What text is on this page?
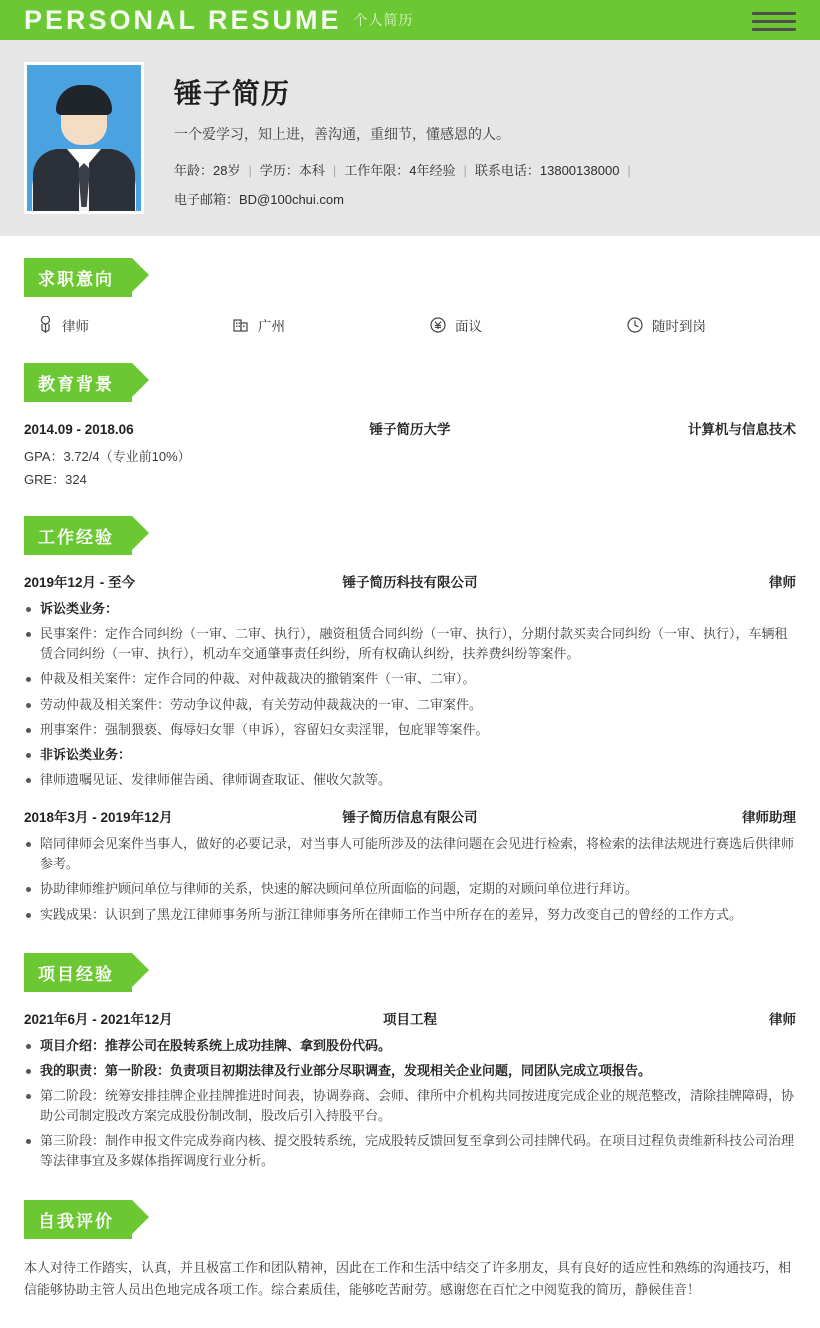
PERSONAL RESUME 个人简历
锤子简历
一个爱学习，知上进，善沟通，重细节，懂感恩的人。
年龄：28岁 | 学历：本科 | 工作年限：4年经验 | 联系电话：13800138000 |
电子邮箱：BD@100chui.com
求职意向
律师	广州	面议	随时到岗
教育背景
2014.09 - 2018.06	锤子简历大学	计算机与信息技术
GPA：3.72/4（专业前10%）
GRE：324
工作经验
2019年12月 - 至今	锤子简历科技有限公司	律师
诉讼类业务：
民事案件：定作合同纠纷（一审、二审、执行），融资租赁合同纠纷（一审、执行），分期付款买卖合同纠纷（一审、执行），车辆租赁合同纠纷（一审、执行），机动车交通肇事责任纠纷，所有权确认纠纷，扶养费纠纷等案件。
仲裁及相关案件：定作合同的仲裁、对仲裁裁决的撤销案件（一审、二审）。
劳动仲裁及相关案件：劳动争议仲裁，有关劳动仲裁裁决的一审、二审案件。
刑事案件：强制猥亵、侮辱妇女罪（申诉），容留妇女卖淫罪，包庇罪等案件。
非诉讼类业务：
律师遗嘱见证、发律师催告函、律师调查取证、催收欠款等。
2018年3月 - 2019年12月	锤子简历信息有限公司	律师助理
陪同律师会见案件当事人，做好的必要记录，对当事人可能所涉及的法律问题在会见进行检索，将检索的法律法规进行赛选后供律师参考。
协助律师维护顾问单位与律师的关系，快速的解决顾问单位所面临的问题，定期的对顾问单位进行拜访。
实践成果：认识到了黑龙江律师事务所与浙江律师事务所在律师工作当中所存在的差异，努力改变自己的曾经的工作方式。
项目经验
2021年6月 - 2021年12月	项目工程	律师
项目介绍：推荐公司在股转系统上成功挂牌、拿到股份代码。
我的职责：第一阶段：负责项目初期法律及行业部分尽职调查，发现相关企业问题，同团队完成立项报告。
第二阶段：统筹安排挂牌企业挂牌推进时间表，协调券商、会师、律所中介机构共同按进度完成企业的规范整改，清除挂牌障碍，协助公司制定股改方案完成股份制改制，股改后引入持股平台。
第三阶段：制作申报文件完成券商内核、提交股转系统，完成股转反馈回复至拿到公司挂牌代码。在项目过程负责维新科技公司治理等法律事宜及多媒体指挥调度行业分析。
自我评价
本人对待工作踏实，认真，并且极富工作和团队精神，因此在工作和生活中结交了许多朋友，具有良好的适应性和熟练的沟通技巧，相信能够协助主管人员出色地完成各项工作。综合素质佳，能够吃苦耐劳。感谢您在百忙之中阅览我的简历，静候佳音！
